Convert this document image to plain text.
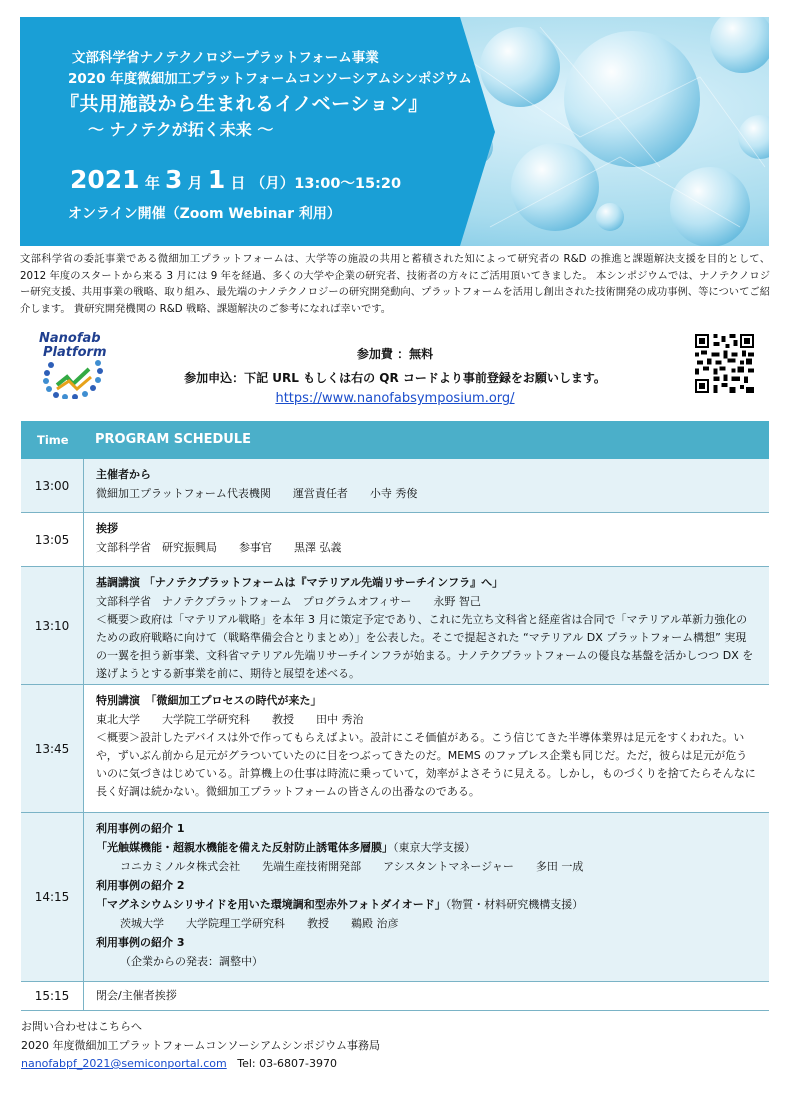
文部科学省ナノテクノロジープラットフォーム事業
2020 年度微細加工プラットフォームコンソーシアムシンポジウム
『共用施設から生まれるイノベーション』
〜 ナノテクが拓く未来 〜
2021 年 3 月 1 日 （月）13:00〜15:20
オンライン開催（Zoom Webinar 利用）
文部科学省の委託事業である微細加工プラットフォームは、大学等の施設の共用と蓄積された知によって研究者の R&D の推進と課題解決支援を目的として、2012 年度のスタートから来る 3 月には 9 年を経過、多くの大学や企業の研究者、技術者の方々にご活用頂いてきました。 本シンポジウムでは、ナノテクノロジー研究支援、共用事業の戦略、取り組み、最先端のナノテクノロジーの研究開発動向、プラットフォームを活用し創出された技術開発の成功事例、等についてご紹介します。 貴研究開発機関の R&D 戦略、課題解決のご参考になれば幸いです。
Nanofab
Platform	参加費 ：無料
参加申込：下記 URL もしくは右の QR コードより事前登録をお願いします。
https://www.nanofabsymposium.org/
Time PROGRAM SCHEDULE
13:00
主催者から
微細加工プラットフォーム代表機関　　運営責任者　　小寺 秀俊
13:05
挨拶
文部科学省　研究振興局　　参事官　　黒澤 弘義
13:10
基調講演 「ナノテクプラットフォームは『マテリアル先端リサーチインフラ』へ」
文部科学省　ナノテクプラットフォーム　プログラムオフィサー　　永野 智己
＜概要＞政府は「マテリアル戦略」を本年 3 月に策定予定であり、これに先立ち文科省と経産省は合同で「マテリアル革新力強化のための政府戦略に向けて（戦略準備会合とりまとめ）」を公表した。そこで提起された “マテリアル DX プラットフォーム構想” 実現の一翼を担う新事業、文科省マテリアル先端リサーチインフラが始まる。ナノテクプラットフォームの優良な基盤を活かしつつ DX を遂げようとする新事業を前に、期待と展望を述べる。
13:45
特別講演　「微細加工プロセスの時代が来た」
東北大学　　大学院工学研究科　　教授　　田中 秀治
＜概要＞設計したデバイスは外で作ってもらえばよい。設計にこそ価値がある。こう信じてきた半導体業界は足元をすくわれた。いや，ずいぶん前から足元がグラついていたのに目をつぶってきたのだ。MEMS のファブレス企業も同じだ。ただ，彼らは足元が危ういのに気づきはじめている。計算機上の仕事は時流に乗っていて，効率がよさそうに見える。しかし，ものづくりを捨てたらそんなに長く好調は続かない。微細加工プラットフォームの皆さんの出番なのである。
14:15
利用事例の紹介 1
「光触媒機能・超親水機能を備えた反射防止誘電体多層膜」（東京大学支援）
コニカミノルタ株式会社　　先端生産技術開発部　　アシスタントマネージャー　　多田 一成
利用事例の紹介 2
「マグネシウムシリサイドを用いた環境調和型赤外フォトダイオード」（物質・材料研究機構支援）
茨城大学　　大学院理工学研究科　　教授　　鵜殿 治彦
利用事例の紹介 3
（企業からの発表：調整中）
15:15	閉会/主催者挨拶
お問い合わせはこちらへ
2020 年度微細加工プラットフォームコンソーシアムシンポジウム事務局
nanofabpf_2021@semiconportal.com Tel: 03-6807-3970
